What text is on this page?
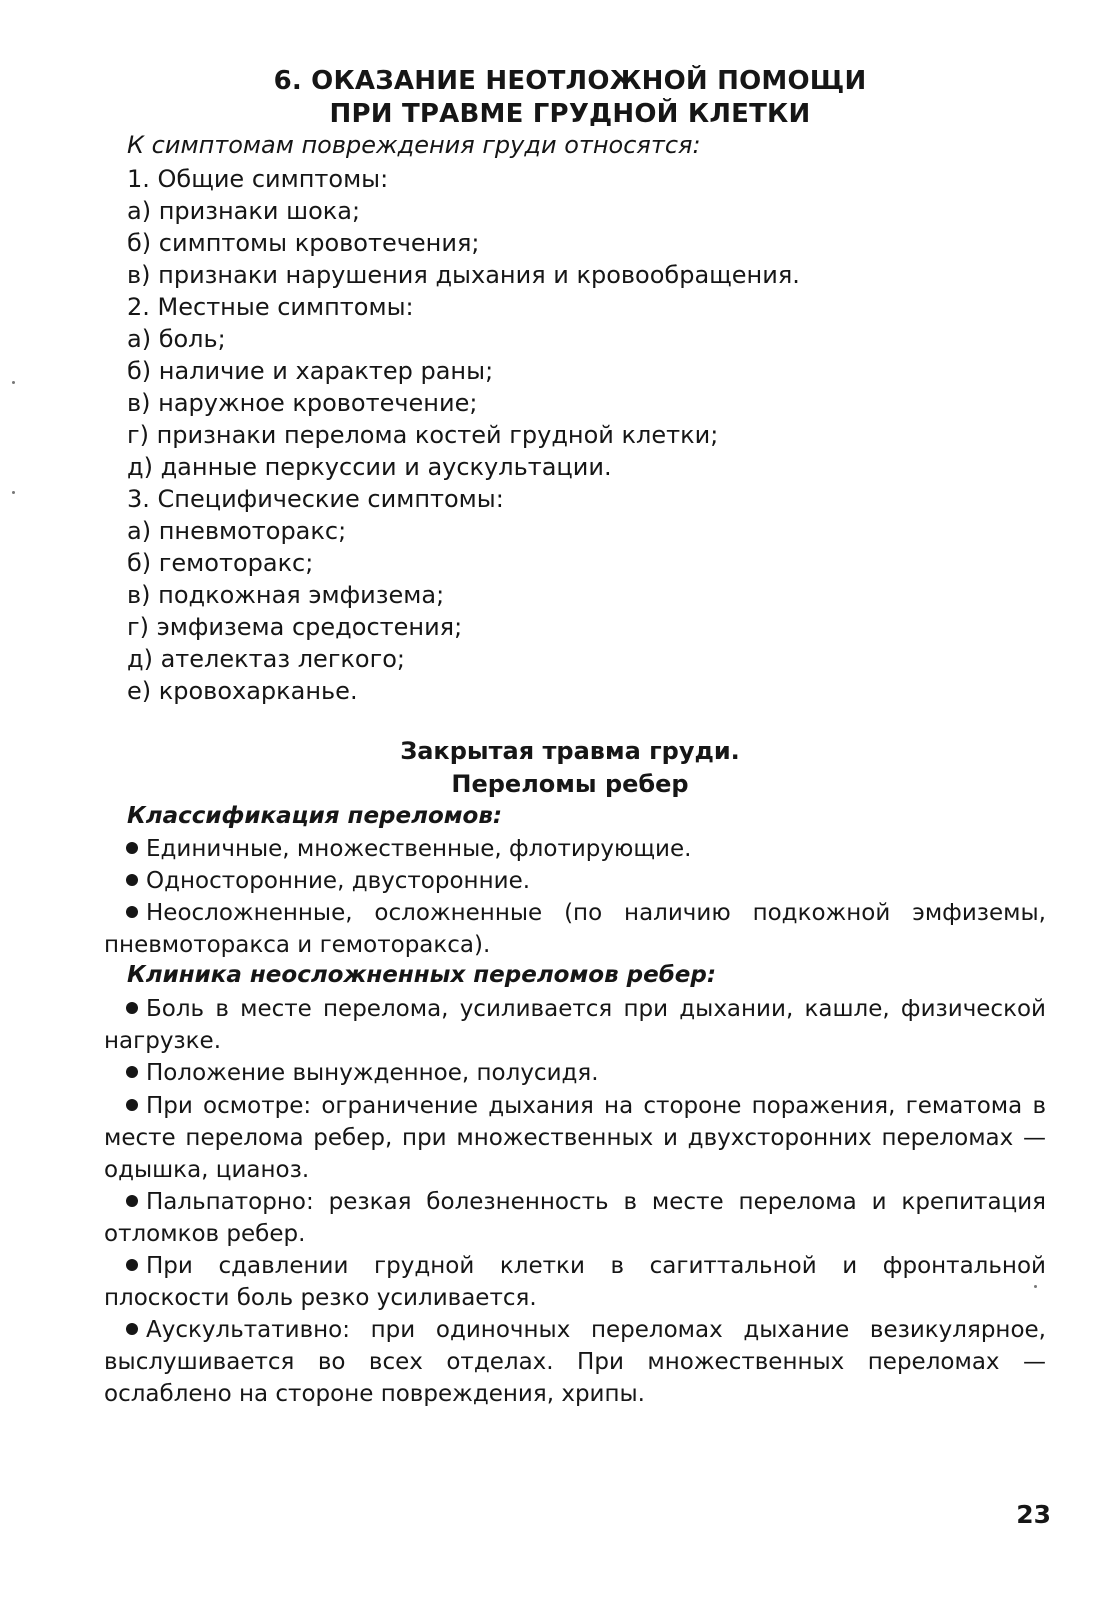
6. ОКАЗАНИЕ НЕОТЛОЖНОЙ ПОМОЩИ
ПРИ ТРАВМЕ ГРУДНОЙ КЛЕТКИ
К симптомам повреждения груди относятся:
1. Общие симптомы:
а) признаки шока;
б) симптомы кровотечения;
в) признаки нарушения дыхания и кровообращения.
2. Местные симптомы:
а) боль;
б) наличие и характер раны;
в) наружное кровотечение;
г) признаки перелома костей грудной клетки;
д) данные перкуссии и аускультации.
3. Специфические симптомы:
а) пневмоторакс;
б) гемоторакс;
в) подкожная эмфизема;
г) эмфизема средостения;
д) ателектаз легкого;
е) кровохарканье.
Закрытая травма груди.
Переломы ребер
Классификация переломов:
Единичные, множественные, флотирующие.
Односторонние, двусторонние.
Неосложненные, осложненные (по наличию подкожной эмфиземы, пневмоторакса и гемоторакса).
Клиника неосложненных переломов ребер:
Боль в месте перелома, усиливается при дыхании, кашле, физической нагрузке.
Положение вынужденное, полусидя.
При осмотре: ограничение дыхания на стороне поражения, гематома в месте перелома ребер, при множественных и двухсторонних переломах — одышка, цианоз.
Пальпаторно: резкая болезненность в месте перелома и крепитация отломков ребер.
При сдавлении грудной клетки в сагиттальной и фронтальной плоскости боль резко усиливается.
Аускультативно: при одиночных переломах дыхание везикулярное, выслушивается во всех отделах. При множественных переломах — ослаблено на стороне повреждения, хрипы.
23
